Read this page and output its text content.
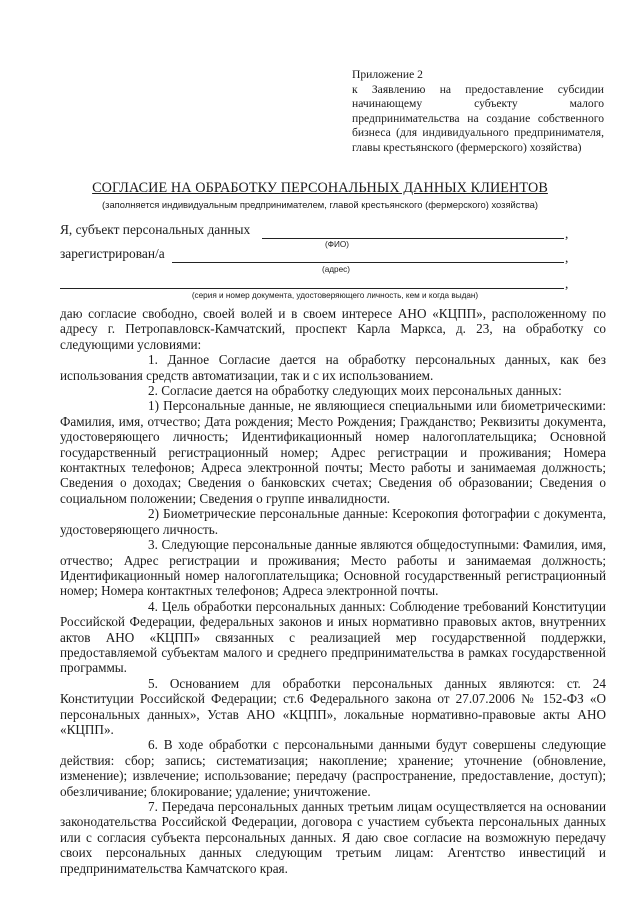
Приложение 2
к Заявлению на предоставление субсидии начинающему субъекту малого предпринимательства на создание собственного бизнеса (для индивидуального предпринимателя, главы крестьянского (фермерского) хозяйства)
СОГЛАСИЕ НА ОБРАБОТКУ ПЕРСОНАЛЬНЫХ ДАННЫХ КЛИЕНТОВ
(заполняется индивидуальным предпринимателем, главой крестьянского (фермерского) хозяйства)
Я, субъект персональных данных	,
(ФИО)
зарегистрирован/а	,
(адрес)
,
(серия и номер документа, удостоверяющего личность, кем и когда выдан)

даю согласие свободно, своей волей и в своем интересе АНО «КЦПП», расположенному по адресу г. Петропавловск-Камчатский, проспект Карла Маркса, д. 23, на обработку со следующими условиями:

1. Данное Согласие дается на обработку персональных данных, как без использования средств автоматизации, так и с их использованием.

2. Согласие дается на обработку следующих моих персональных данных:

1) Персональные данные, не являющиеся специальными или биометрическими: Фамилия, имя, отчество; Дата рождения; Место Рождения; Гражданство; Реквизиты документа, удостоверяющего личность; Идентификационный номер налогоплательщика; Основной государственный регистрационный номер; Адрес регистрации и проживания; Номера контактных телефонов; Адреса электронной почты; Место работы и занимаемая должность; Сведения о доходах; Сведения о банковских счетах; Сведения об образовании; Сведения о социальном положении; Сведения о группе инвалидности.

2) Биометрические персональные данные: Ксерокопия фотографии с документа, удостоверяющего личность.

3. Следующие персональные данные являются общедоступными: Фамилия, имя, отчество; Адрес регистрации и проживания; Место работы и занимаемая должность; Идентификационный номер налогоплательщика; Основной государственный регистрационный номер; Номера контактных телефонов; Адреса электронной почты.

4. Цель обработки персональных данных: Соблюдение требований Конституции Российской Федерации, федеральных законов и иных нормативно правовых актов, внутренних актов АНО «КЦПП» связанных с реализацией мер государственной поддержки, предоставляемой субъектам малого и среднего предпринимательства в рамках государственной программы.

5. Основанием для обработки персональных данных являются: ст. 24 Конституции Российской Федерации; ст.6 Федерального закона от 27.07.2006 № 152-ФЗ «О персональных данных», Устав АНО «КЦПП», локальные нормативно-правовые акты АНО «КЦПП».

6. В ходе обработки с персональными данными будут совершены следующие действия: сбор; запись; систематизация; накопление; хранение; уточнение (обновление, изменение); извлечение; использование; передачу (распространение, предоставление, доступ); обезличивание; блокирование; удаление; уничтожение.

7. Передача персональных данных третьим лицам осуществляется на основании законодательства Российской Федерации, договора с участием субъекта персональных данных или с согласия субъекта персональных данных. Я даю свое согласие на возможную передачу своих персональных данных следующим третьим лицам: Агентство инвестиций и предпринимательства Камчатского края.
